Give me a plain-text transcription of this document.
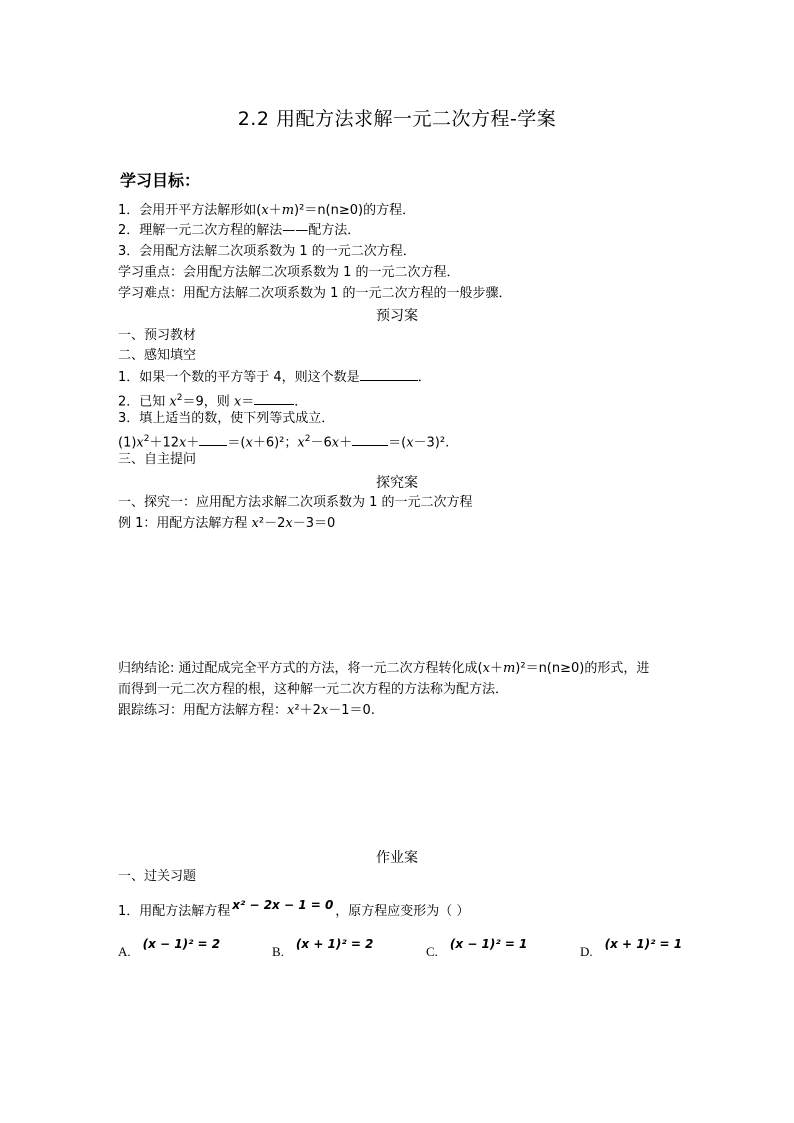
2.2 用配方法求解一元二次方程-学案
学习目标：
1．会用开平方法解形如(x＋m)²＝n(n≥0)的方程．
2．理解一元二次方程的解法——配方法．
3．会用配方法解二次项系数为 1 的一元二次方程．
学习重点：会用配方法解二次项系数为 1 的一元二次方程．
学习难点：用配方法解二次项系数为 1 的一元二次方程的一般步骤．
预习案
一、预习教材
二、感知填空
1．如果一个数的平方等于 4，则这个数是	．
2．已知 $x^2=9$，则 x＝	．
3．填上适当的数，使下列等式成立．
$(1)x^2+12x+ =(x+6)^2$；$x^2-6x+$	＝(x－3)².
三、自主提问
探究案
一、探究一：应用配方法求解二次项系数为 1 的一元二次方程
例 1：用配方法解方程 x²－2x－3＝0
归纳结论: 通过配成完全平方式的方法，将一元二次方程转化成(x＋m)²＝n(n≥0)的形式，进
而得到一元二次方程的根，这种解一元二次方程的方法称为配方法．
跟踪练习：用配方法解方程：x²＋2x－1＝0.
作业案
一、过关习题
1．用配方法解方程 x² − 2x − 1 = 0 ，原方程应变形为（ ）
A. (x − 1)² = 2	B. (x + 1)² = 2	C. (x − 1)² = 1	D. (x + 1)² = 1
